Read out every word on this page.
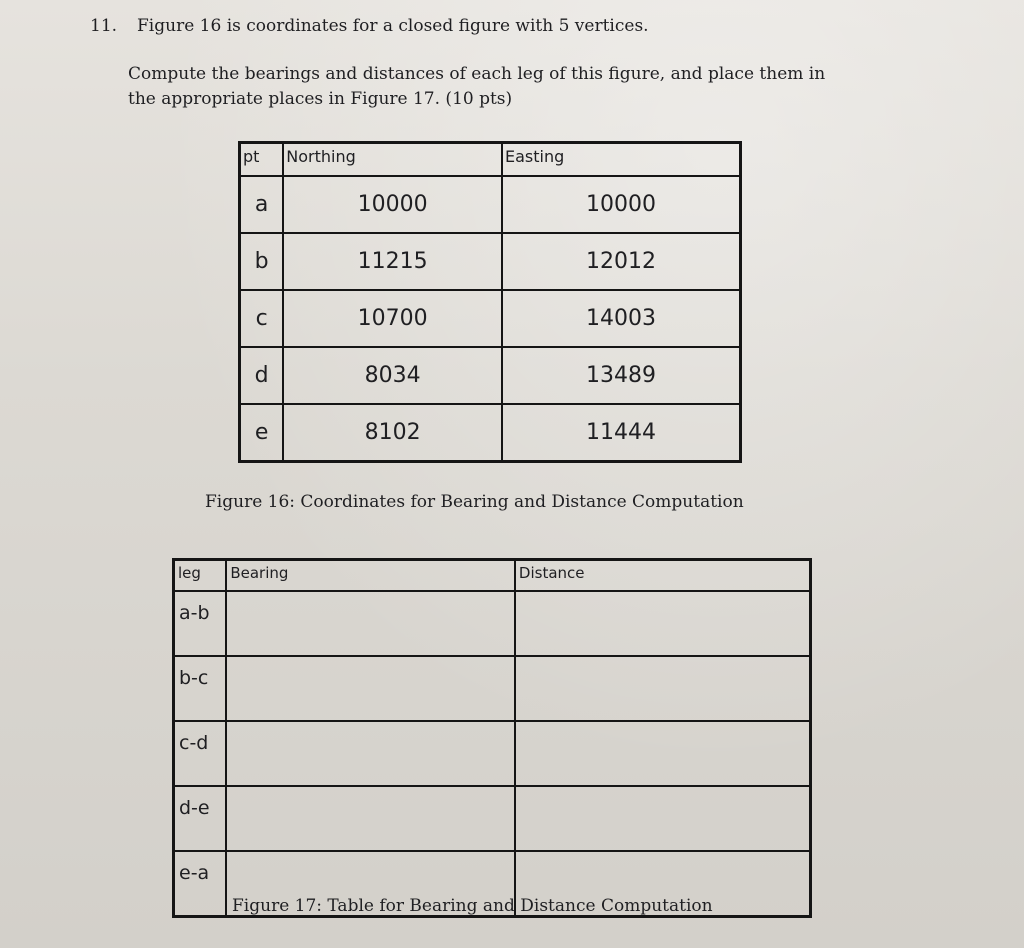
11. Figure 16 is coordinates for a closed figure with 5 vertices.
Compute the bearings and distances of each leg of this figure, and place them in
the appropriate places in Figure 17. (10 pts)
pt	Northing	Easting
a	10000	10000
b	11215	12012
c	10700	14003
d	8034	13489
e	8102	11444
Figure 16: Coordinates for Bearing and Distance Computation
leg	Bearing	Distance
a-b		
b-c		
c-d		
d-e		
e-a		
Figure 17: Table for Bearing and Distance Computation
